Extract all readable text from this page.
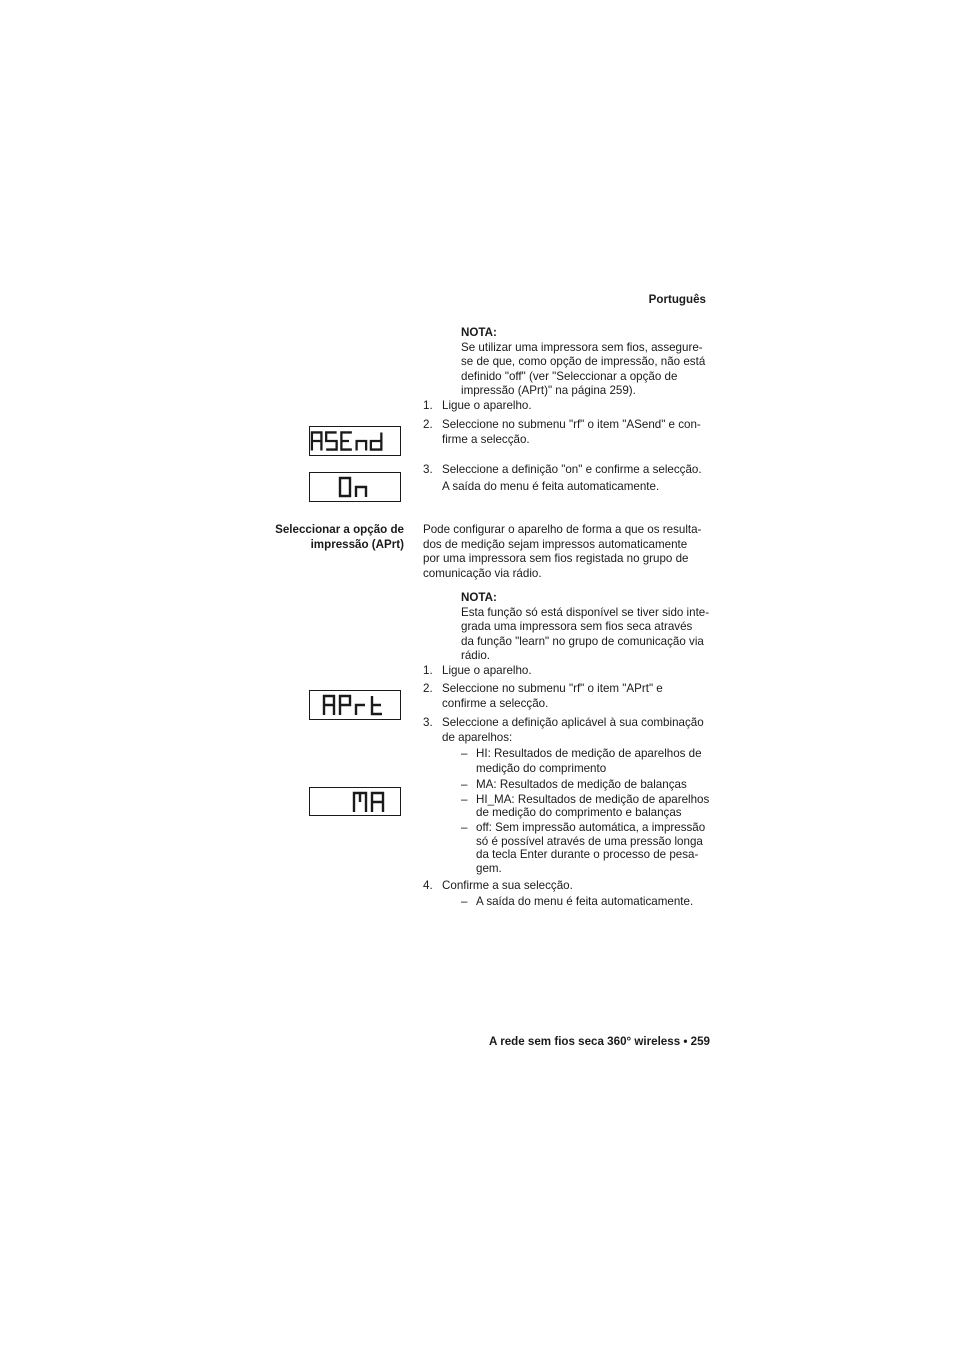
Português
NOTA:
Se utilizar uma impressora sem fios, assegure-
se de que, como opção de impressão, não está
definido "off" (ver "Seleccionar a opção de
impressão (APrt)" na página 259).
1. Ligue o aparelho.
2. Seleccione no submenu "rf" o item "ASend" e con-
firme a selecção.
3. Seleccione a definição "on" e confirme a selecção.
A saída do menu é feita automaticamente.
Seleccionar a opção de
impressão (APrt)
Pode configurar o aparelho de forma a que os resulta-
dos de medição sejam impressos automaticamente
por uma impressora sem fios registada no grupo de
comunicação via rádio.
NOTA:
Esta função só está disponível se tiver sido inte-
grada uma impressora sem fios seca através
da função "learn" no grupo de comunicação via
rádio.
1. Ligue o aparelho.
2. Seleccione no submenu "rf" o item "APrt" e
confirme a selecção.
3. Seleccione a definição aplicável à sua combinação
de aparelhos:
– HI: Resultados de medição de aparelhos de
medição do comprimento
– MA: Resultados de medição de balanças
– HI_MA: Resultados de medição de aparelhos
de medição do comprimento e balanças
– off: Sem impressão automática, a impressão
só é possível através de uma pressão longa
da tecla Enter durante o processo de pesa-
gem.
4. Confirme a sua selecção.
– A saída do menu é feita automaticamente.
A rede sem fios seca 360° wireless • 259
